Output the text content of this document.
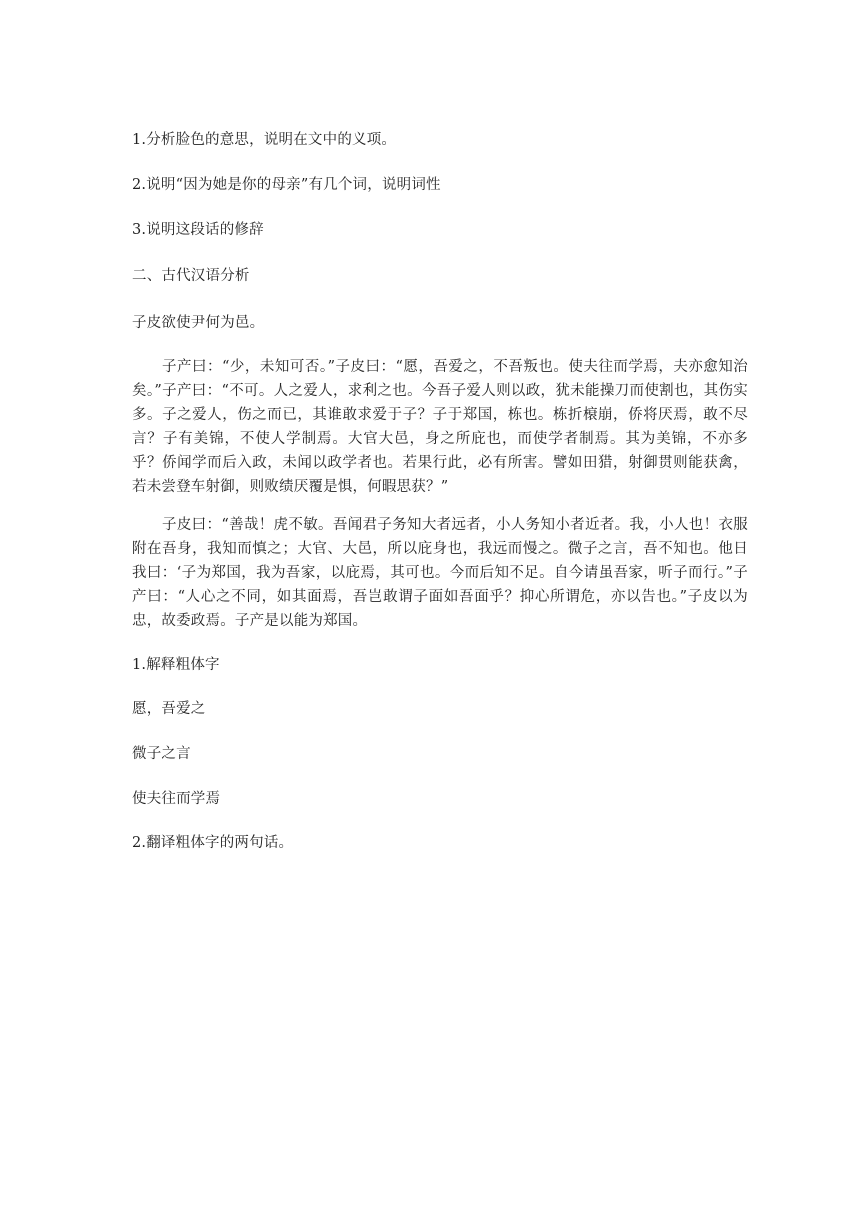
1.分析脸色的意思，说明在文中的义项。

2.说明“因为她是你的母亲”有几个词，说明词性

3.说明这段话的修辞

二、古代汉语分析

子皮欲使尹何为邑。

子产曰：“少，未知可否。”子皮曰：“愿，吾爱之，不吾叛也。使夫往而学焉，夫亦愈知治矣。”子产曰：“不可。人之爱人，求利之也。今吾子爱人则以政，犹未能操刀而使割也，其伤实多。子之爱人，伤之而已，其谁敢求爱于子？子于郑国，栋也。栋折榱崩，侨将厌焉，敢不尽言？子有美锦，不使人学制焉。大官大邑，身之所庇也，而使学者制焉。其为美锦，不亦多乎？侨闻学而后入政，未闻以政学者也。若果行此，必有所害。譬如田猎，射御贯则能获禽，若未尝登车射御，则败绩厌覆是惧，何暇思获？”

子皮曰：“善哉！虎不敏。吾闻君子务知大者远者，小人务知小者近者。我，小人也！衣服附在吾身，我知而慎之；大官、大邑，所以庇身也，我远而慢之。微子之言，吾不知也。他日我曰：‘子为郑国，我为吾家，以庇焉，其可也。今而后知不足。自今请虽吾家，听子而行。”子产曰：“人心之不同，如其面焉，吾岂敢谓子面如吾面乎？抑心所谓危，亦以告也。”子皮以为忠，故委政焉。子产是以能为郑国。

1.解释粗体字

愿，吾爱之

微子之言

使夫往而学焉

2.翻译粗体字的两句话。
